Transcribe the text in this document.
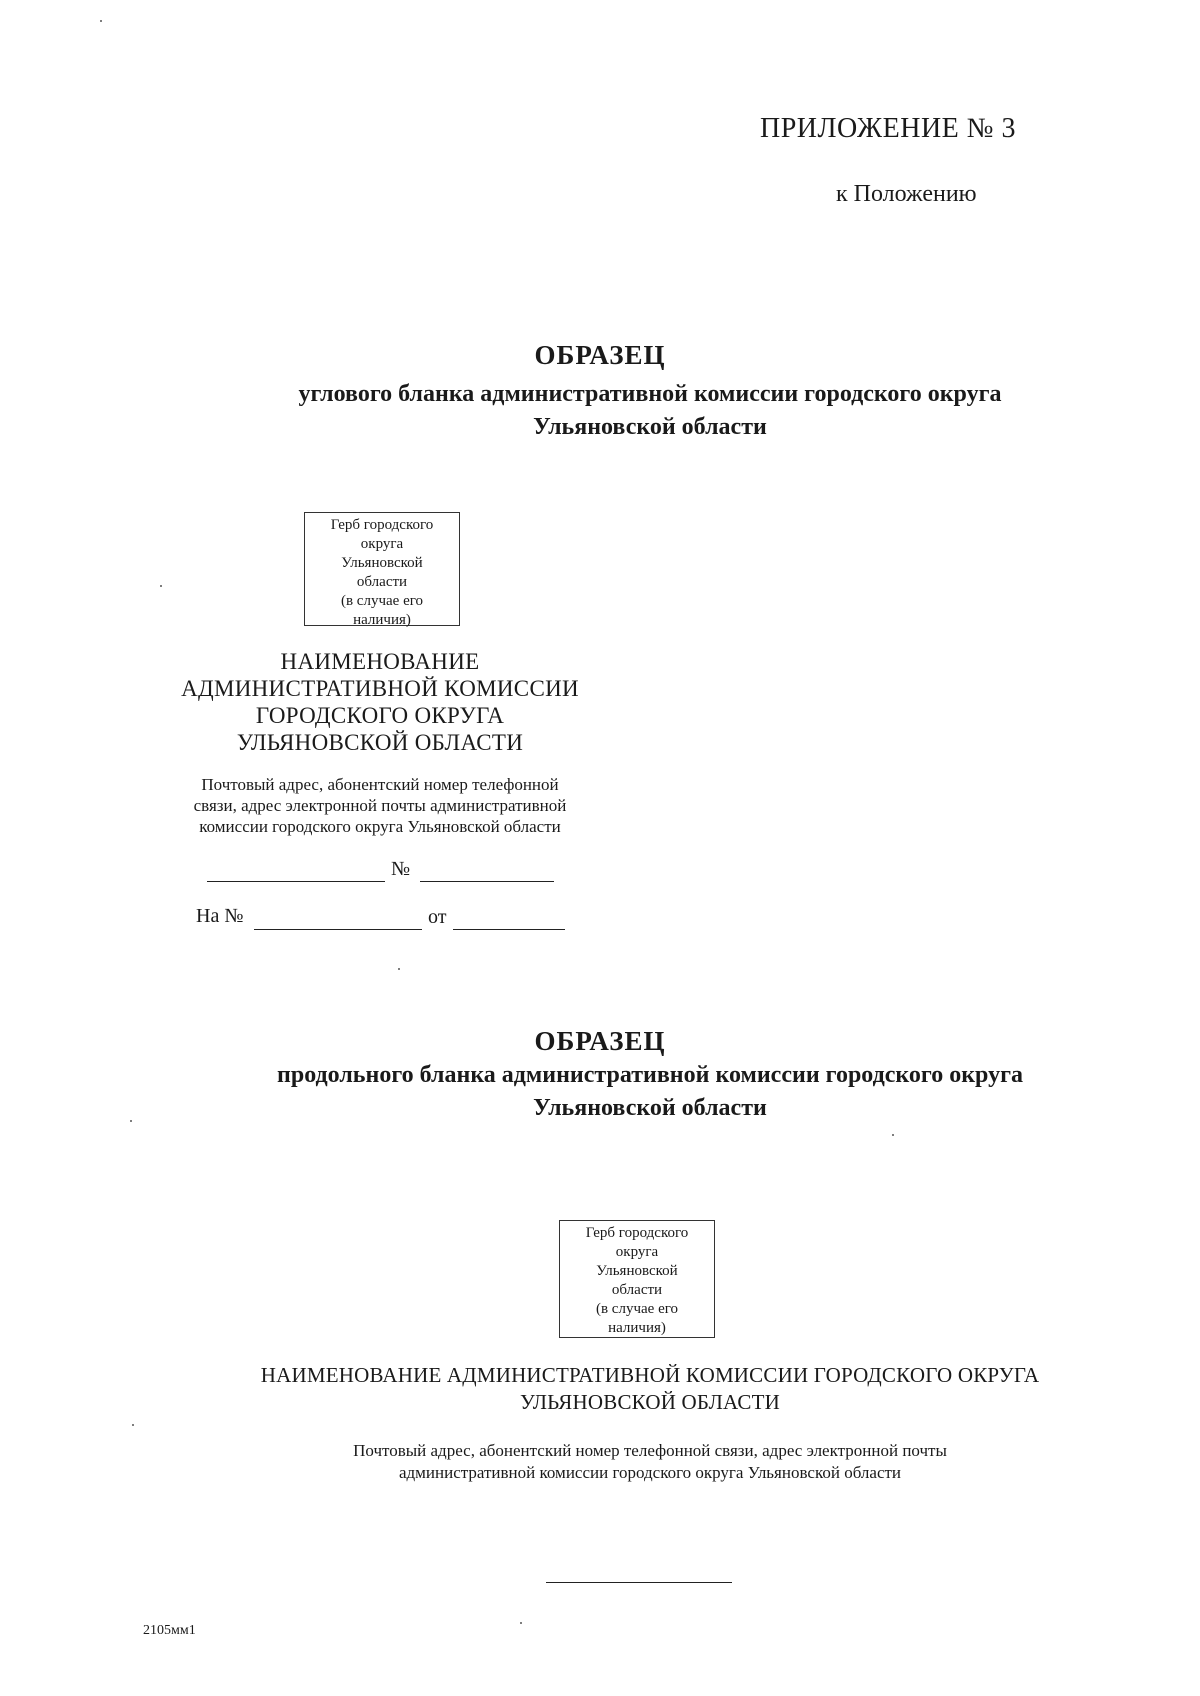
ПРИЛОЖЕНИЕ № 3
к Положению
ОБРАЗЕЦ
углового бланка административной комиссии городского округа
Ульяновской области
Герб городского
округа
Ульяновской
области
(в случае его
наличия)
НАИМЕНОВАНИЕ
АДМИНИСТРАТИВНОЙ КОМИССИИ
ГОРОДСКОГО ОКРУГА
УЛЬЯНОВСКОЙ ОБЛАСТИ
Почтовый адрес, абонентский номер телефонной
связи, адрес электронной почты административной
комиссии городского округа Ульяновской области
№
На №	от
ОБРАЗЕЦ
продольного бланка административной комиссии городского округа
Ульяновской области
Герб городского
округа
Ульяновской
области
(в случае его
наличия)
НАИМЕНОВАНИЕ АДМИНИСТРАТИВНОЙ КОМИССИИ ГОРОДСКОГО ОКРУГА
УЛЬЯНОВСКОЙ ОБЛАСТИ
Почтовый адрес, абонентский номер телефонной связи, адрес электронной почты
административной комиссии городского округа Ульяновской области
2105мм1
